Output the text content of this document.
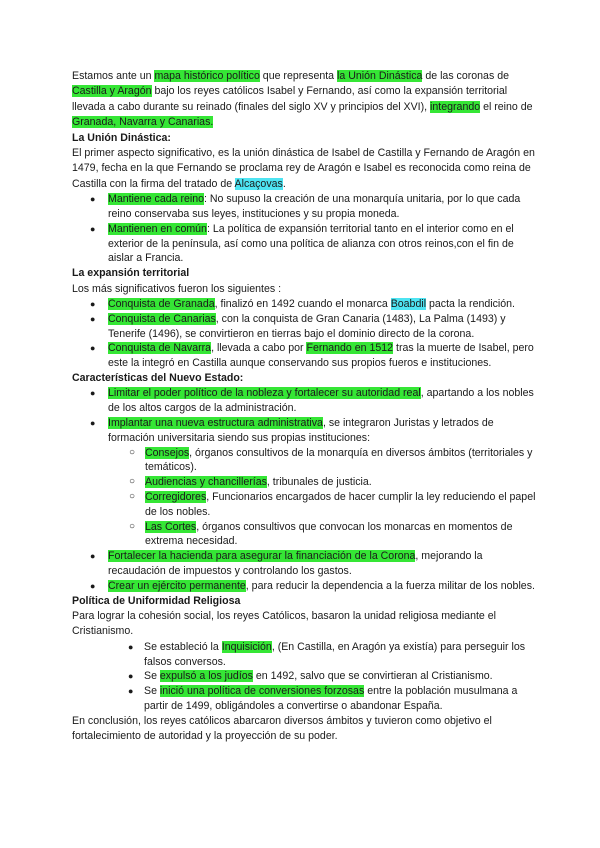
Estamos ante un mapa histórico político que representa la Unión Dinástica de las coronas de Castilla y Aragón bajo los reyes católicos Isabel y Fernando, así como la expansión territorial llevada a cabo durante su reinado (finales del siglo XV y principios del XVI), integrando el reino de Granada, Navarra y Canarias.

La Unión Dinástica:

El primer aspecto significativo, es la unión dinástica de Isabel de Castilla y Fernando de Aragón en 1479, fecha en la que Fernando se proclama rey de Aragón e Isabel es reconocida como reina de Castilla con la firma del tratado de Alcaçovas.

● Mantiene cada reino: No supuso la creación de una monarquía unitaria, por lo que cada reino conservaba sus leyes, instituciones y su propia moneda.
● Mantienen en común: La política de expansión territorial tanto en el interior como en el exterior de la península, así como una política de alianza con otros reinos,con el fin de aislar a Francia.

La expansión territorial

Los más significativos fueron los siguientes :

● Conquista de Granada, finalizó en 1492 cuando el monarca Boabdil pacta la rendición.
● Conquista de Canarias, con la conquista de Gran Canaria (1483), La Palma (1493) y Tenerife (1496), se convirtieron en tierras bajo el dominio directo de la corona.
● Conquista de Navarra, llevada a cabo por Fernando en 1512 tras la muerte de Isabel, pero este la integró en Castilla aunque conservando sus propios fueros e instituciones.

Características del Nuevo Estado:

● Limitar el poder político de la nobleza y fortalecer su autoridad real, apartando a los nobles de los altos cargos de la administración.
● Implantar una nueva estructura administrativa, se integraron Juristas y letrados de formación universitaria siendo sus propias instituciones:
○ Consejos, órganos consultivos de la monarquía en diversos ámbitos (territoriales y temáticos).
○ Audiencias y chancillerías, tribunales de justicia.
○ Corregidores, Funcionarios encargados de hacer cumplir la ley reduciendo el papel de los nobles.
○ Las Cortes, órganos consultivos que convocan los monarcas en momentos de extrema necesidad.
● Fortalecer la hacienda para asegurar la financiación de la Corona, mejorando la recaudación de impuestos y controlando los gastos.
● Crear un ejército permanente, para reducir la dependencia a la fuerza militar de los nobles.

Política de Uniformidad Religiosa

Para lograr la cohesión social, los reyes Católicos, basaron la unidad religiosa mediante el Cristianismo.

● Se estableció la Inquisición, (En Castilla, en Aragón ya existía) para perseguir los falsos conversos.
● Se expulsó a los judíos en 1492, salvo que se convirtieran al Cristianismo.
● Se inició una política de conversiones forzosas entre la población musulmana a partir de 1499, obligándoles a convertirse o abandonar España.

En conclusión, los reyes católicos abarcaron diversos ámbitos y tuvieron como objetivo el fortalecimiento de autoridad y la proyección de su poder.
